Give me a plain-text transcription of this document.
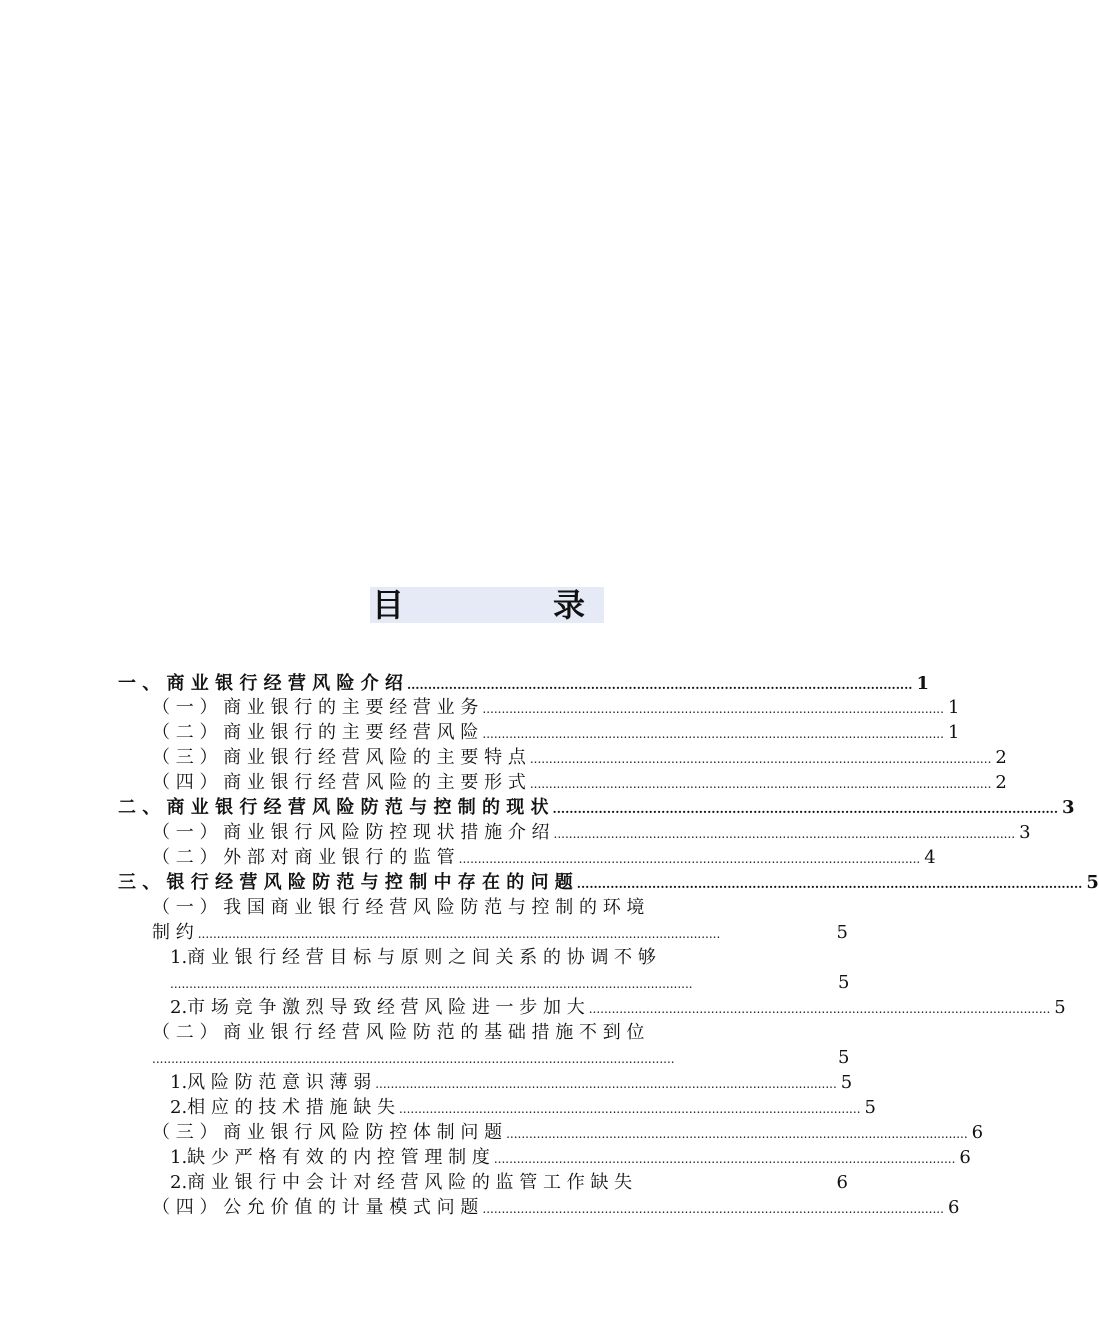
目	录
一 、 商 业 银 行 经 营 风 险 介 绍 ......................................................................................................................... 1
（ 一 ） 商 业 银 行 的 主 要 经 营 业 务 ......................................................................................................................... 1
（ 二 ） 商 业 银 行 的 主 要 经 营 风 险 ......................................................................................................................... 1
（ 三 ） 商 业 银 行 经 营 风 险 的 主 要 特 点 ......................................................................................................................... 2
（ 四 ） 商 业 银 行 经 营 风 险 的 主 要 形 式 ......................................................................................................................... 2
二 、 商 业 银 行 经 营 风 险 防 范 与 控 制 的 现 状 ......................................................................................................................... 3
（ 一 ） 商 业 银 行 风 险 防 控 现 状 措 施 介 绍 ......................................................................................................................... 3
（ 二 ） 外 部 对 商 业 银 行 的 监 管 ......................................................................................................................... 4
三 、 银 行 经 营 风 险 防 范 与 控 制 中 存 在 的 问 题 ......................................................................................................................... 5
（ 一 ） 我 国 商 业 银 行 经 营 风 险 防 范 与 控 制 的 环 境
制 约 .........................................................................................................................................	5
1.商 业 银 行 经 营 目 标 与 原 则 之 间 关 系 的 协 调 不 够
.........................................................................................................................................	5
2.市 场 竞 争 激 烈 导 致 经 营 风 险 进 一 步 加 大 ......................................................................................................................... 5
（ 二 ） 商 业 银 行 经 营 风 险 防 范 的 基 础 措 施 不 到 位
.........................................................................................................................................	5
1.风 险 防 范 意 识 薄 弱 ......................................................................................................................... 5
2.相 应 的 技 术 措 施 缺 失 ......................................................................................................................... 5
（ 三 ） 商 业 银 行 风 险 防 控 体 制 问 题 ......................................................................................................................... 6
1.缺 少 严 格 有 效 的 内 控 管 理 制 度 ......................................................................................................................... 6
2.商 业 银 行 中 会 计 对 经 营 风 险 的 监 管 工 作 缺 失	6
（ 四 ） 公 允 价 值 的 计 量 模 式 问 题 ......................................................................................................................... 6
